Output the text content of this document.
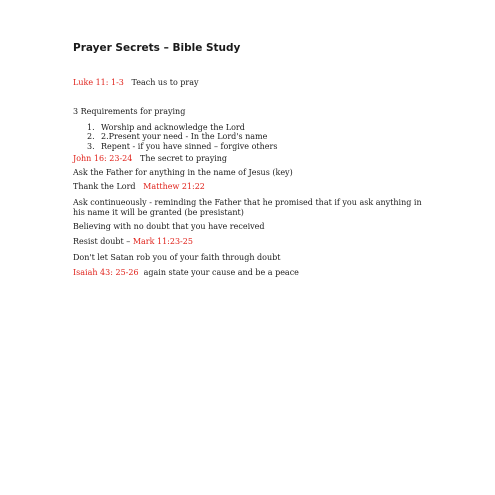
Prayer Secrets – Bible Study
Luke 11: 1-3 Teach us to pray
3 Requirements for praying
1. Worship and acknowledge the Lord
2. 2.Present your need - In the Lord's name
3. Repent - if you have sinned – forgive others
John 16: 23-24 The secret to praying
Ask the Father for anything in the name of Jesus (key)
Thank the Lord Matthew 21:22
Ask continueously - reminding the Father that he promised that if you ask anything in his name it will be granted (be presistant)
Believing with no doubt that you have received
Resist doubt – Mark 11:23-25
Don't let Satan rob you of your faith through doubt
Isaiah 43: 25-26 again state your cause and be a peace
